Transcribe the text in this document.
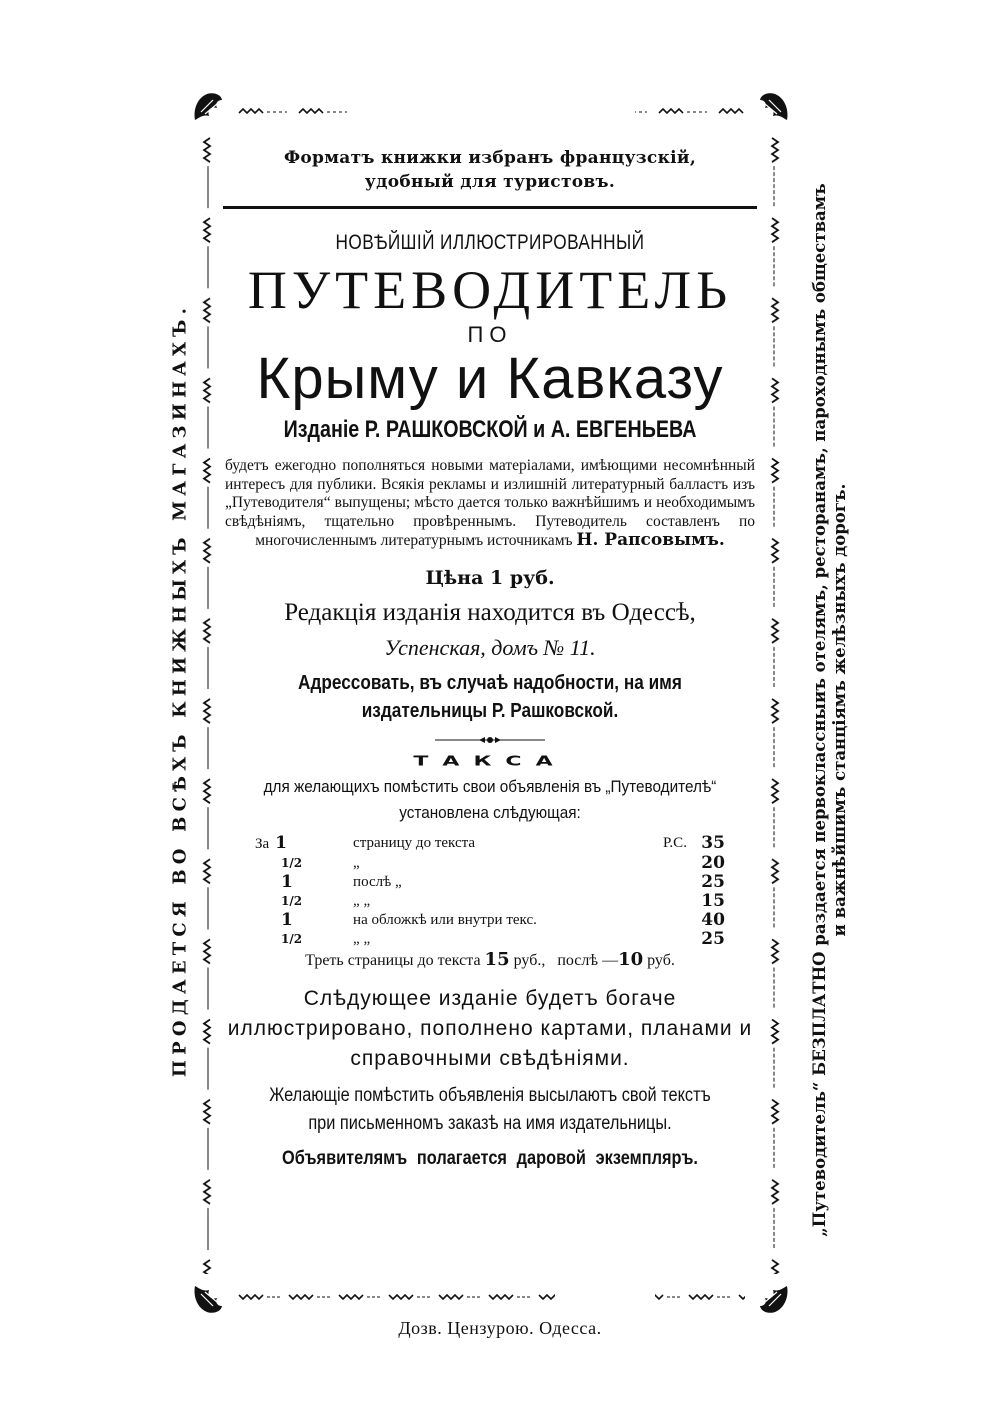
ПРОДАЕТСЯ ВО ВСѢХЪ КНИЖНЫХЪ МАГАЗИНАХЪ.	„Путеводитель“ БЕЗПЛАТНО раздается первоклассныиъ отелямъ, ресторанамъ, пароходнымъ обществамъ и важнѣйшимъ станціямъ желѣзныхъ дорогъ.
Форматъ книжки избранъ французскій, удобный для туристовъ.
НОВѢЙШІЙ ИЛЛЮСТРИРОВАННЫЙ
ПУТЕВОДИТЕЛЬ
ПО
Крыму и Кавказу
Изданіе Р. РАШКОВСКОЙ и А. ЕВГЕНЬЕВА
будетъ ежегодно пополняться новыми матеріалами, имѣющими несомнѣнный интересъ для публики. Всякія рекламы и излишній литературный балластъ изъ „Путеводителя“ выпущены; мѣсто дается только важнѣйшимъ и необходимымъ свѣдѣніямъ, тщательно провѣреннымъ. Путеводитель составленъ по многочисленнымъ литературнымъ источникамъ Н. Рапсовымъ.
Цѣна 1 руб.
Редакція изданія находится въ Одессѣ,
Успенская, домъ № 11.
Адрессовать, въ случаѣ надобности, на имя издательницы Р. Рашковской.
ТАКСА
для желающихъ помѣстить свои объявленія въ „Путеводителѣ“ установлена слѣдующая:
За 1	страницу до текста	Р.С.	35
1/2	„		20
1	послѣ „		25
1/2	„ „		15
1	на обложкѣ или внутри текс.		40
1/2	„ „		25
Треть страницы до текста 15 руб., послѣ —10 руб.
Слѣдующее изданіе будетъ богаче иллюстрировано, пополнено картами, планами и справочными свѣдѣніями.
Желающіе помѣстить объявленія высылаютъ свой текстъ при письменномъ заказѣ на имя издательницы.
Объявителямъ полагается даровой экземпляръ.
Дозв. Цензурою. Одесса.
